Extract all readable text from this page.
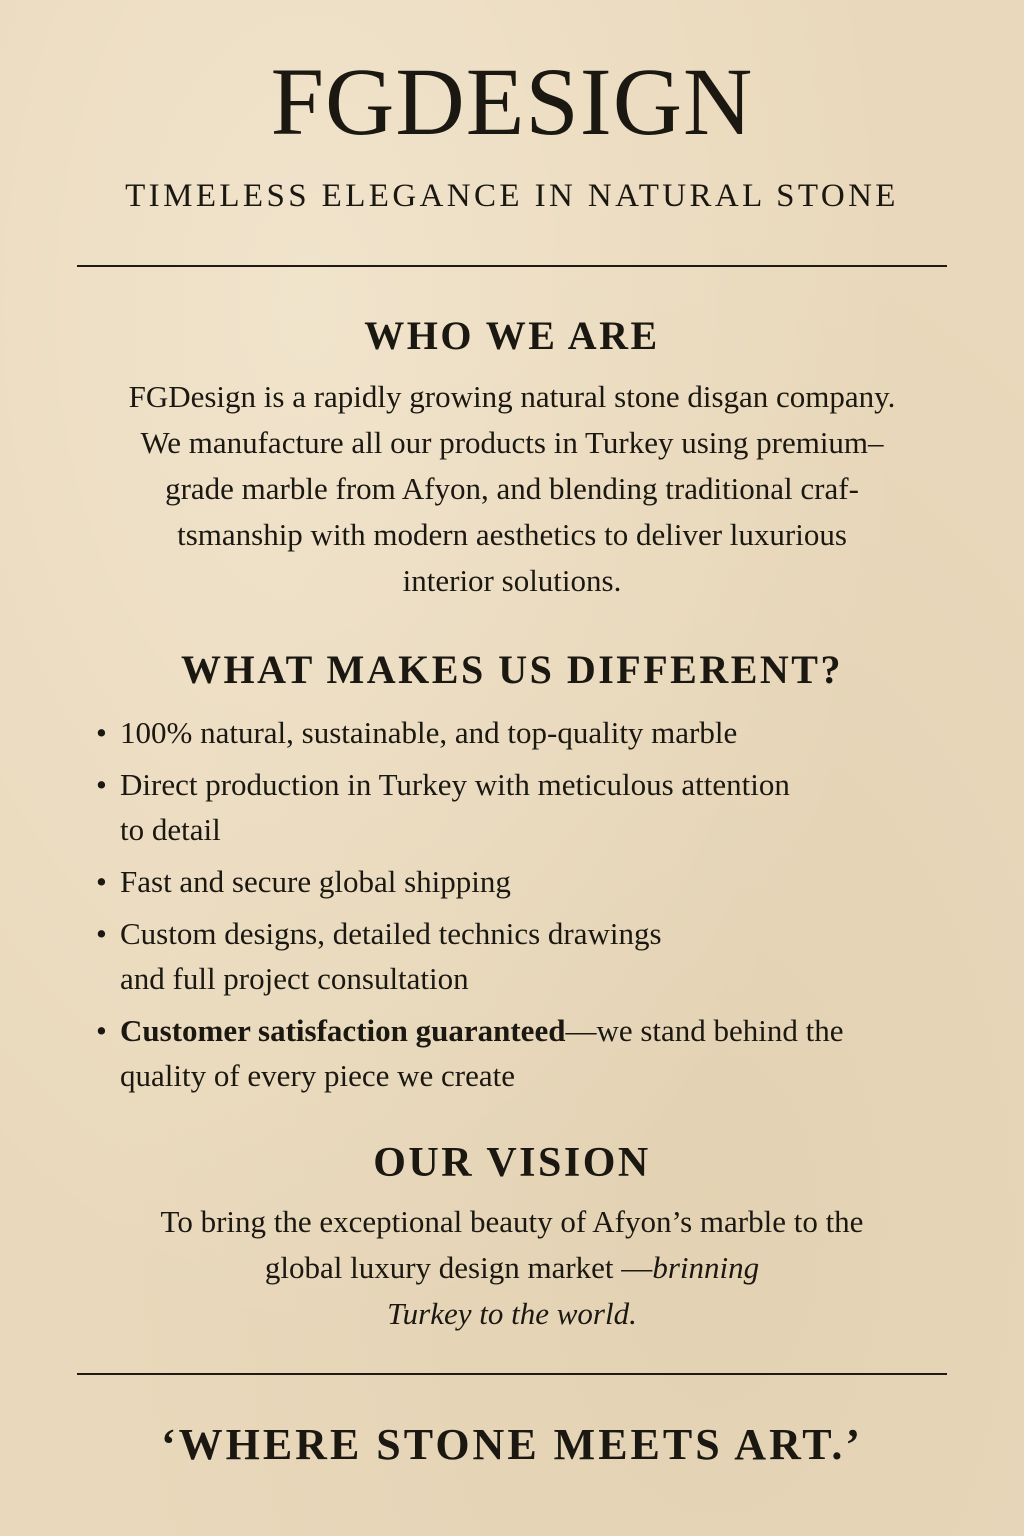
FGDESIGN

TIMELESS ELEGANCE IN NATURAL STONE

WHO WE ARE

FGDesign is a rapidly growing natural stone disgan company.
We manufacture all our products in Turkey using premium–
grade marble from Afyon, and blending traditional craf-
tsmanship with modern aesthetics to deliver luxurious
interior solutions.

WHAT MAKES US DIFFERENT?
• 100% natural, sustainable, and top-quality marble
• Direct production in Turkey with meticulous attention
to detail
• Fast and secure global shipping
• Custom designs, detailed technics drawings
and full project consultation
• Customer satisfaction guaranteed—we stand behind the
quality of every piece we create
OUR VISION

To bring the exceptional beauty of Afyon’s marble to the
global luxury design market —brinning
Turkey to the world.

‘WHERE STONE MEETS ART.’
